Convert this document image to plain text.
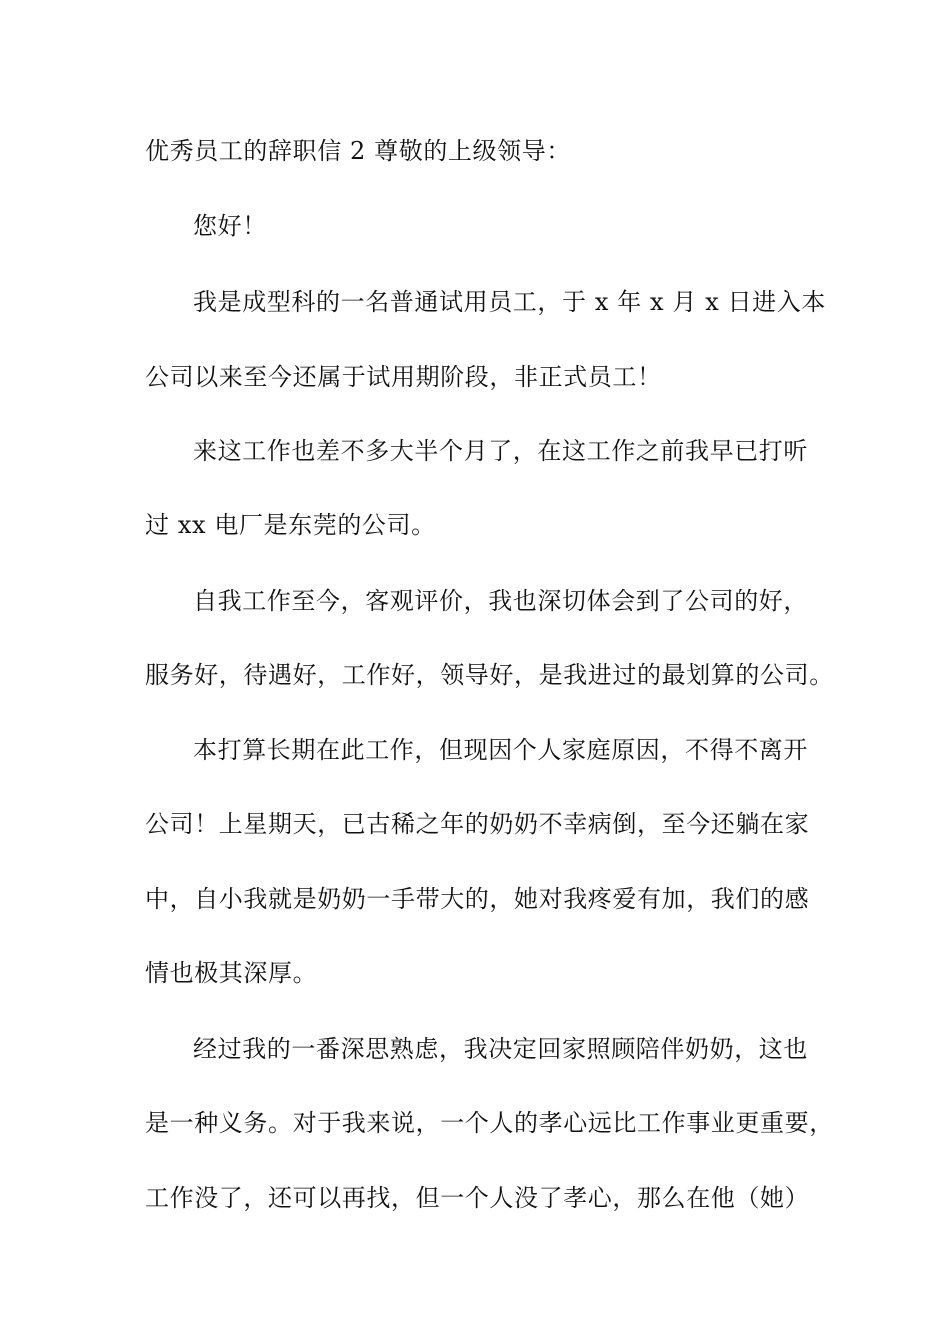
优秀员工的辞职信 2 尊敬的上级领导：
您好！
我是成型科的一名普通试用员工，于 x 年 x 月 x 日进入本
公司以来至今还属于试用期阶段，非正式员工！
来这工作也差不多大半个月了，在这工作之前我早已打听
过 xx 电厂是东莞的公司。
自我工作至今，客观评价，我也深切体会到了公司的好，
服务好，待遇好，工作好，领导好，是我进过的最划算的公司。
本打算长期在此工作，但现因个人家庭原因，不得不离开
公司！上星期天，已古稀之年的奶奶不幸病倒，至今还躺在家
中，自小我就是奶奶一手带大的，她对我疼爱有加，我们的感
情也极其深厚。
经过我的一番深思熟虑，我决定回家照顾陪伴奶奶，这也
是一种义务。对于我来说，一个人的孝心远比工作事业更重要，
工作没了，还可以再找，但一个人没了孝心，那么在他（她）
